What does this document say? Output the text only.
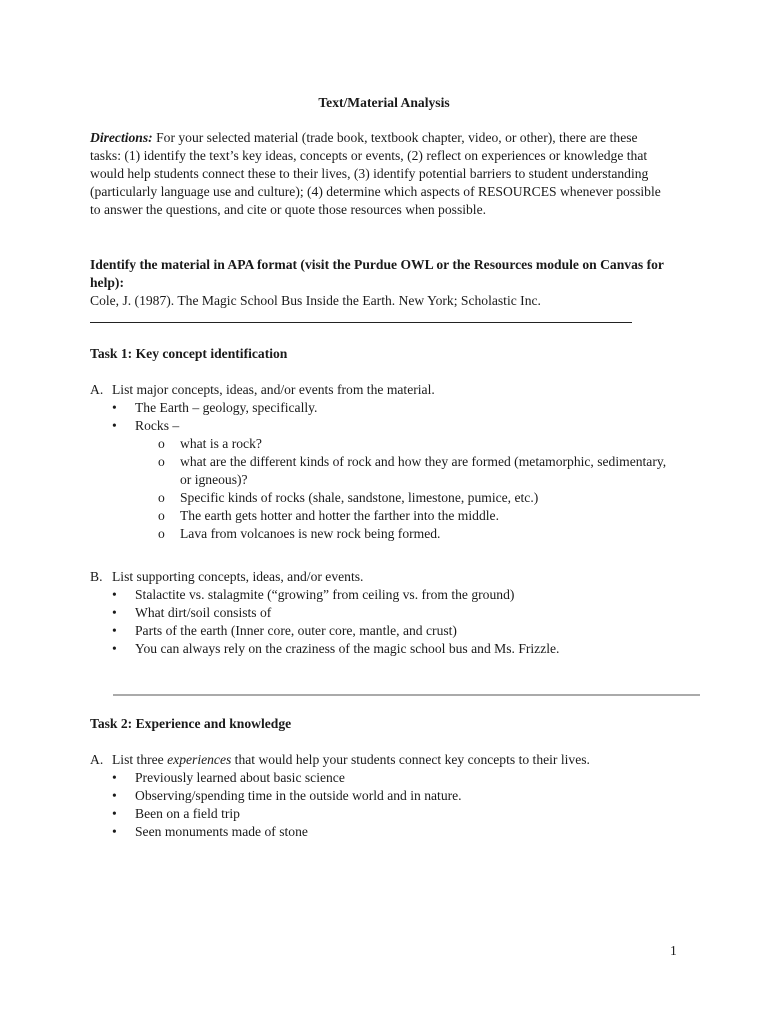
Text/Material Analysis

Directions: For your selected material (trade book, textbook chapter, video, or other), there are these tasks: (1) identify the text’s key ideas, concepts or events, (2) reflect on experiences or knowledge that would help students connect these to their lives, (3) identify potential barriers to student understanding (particularly language use and culture); (4) determine which aspects of RESOURCES whenever possible to answer the questions, and cite or quote those resources when possible.

Identify the material in APA format (visit the Purdue OWL or the Resources module on Canvas for help):

Cole, J. (1987). The Magic School Bus Inside the Earth. New York; Scholastic Inc.

Task 1: Key concept identification

A. List major concepts, ideas, and/or events from the material.
• The Earth – geology, specifically.
• Rocks –
o what is a rock?
o what are the different kinds of rock and how they are formed (metamorphic, sedimentary, or igneous)?
o Specific kinds of rocks (shale, sandstone, limestone, pumice, etc.)
o The earth gets hotter and hotter the farther into the middle.
o Lava from volcanoes is new rock being formed.
B. List supporting concepts, ideas, and/or events.
• Stalactite vs. stalagmite (“growing” from ceiling vs. from the ground)
• What dirt/soil consists of
• Parts of the earth (Inner core, outer core, mantle, and crust)
• You can always rely on the craziness of the magic school bus and Ms. Frizzle.

Task 2: Experience and knowledge

A. List three experiences that would help your students connect key concepts to their lives.
• Previously learned about basic science
• Observing/spending time in the outside world and in nature.
• Been on a field trip
• Seen monuments made of stone
1
